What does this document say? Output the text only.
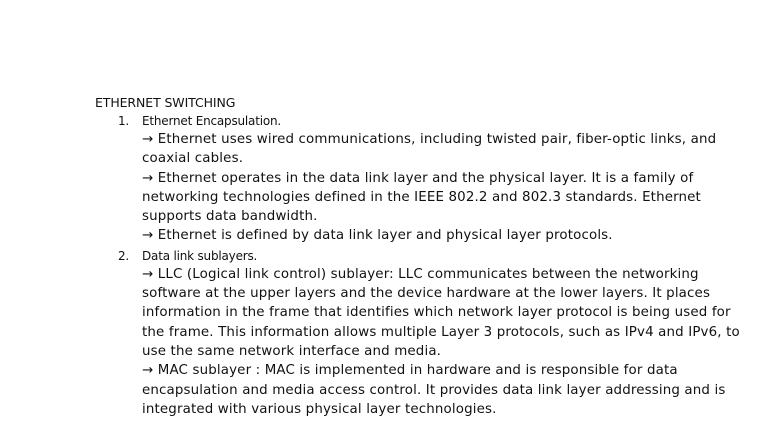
ETHERNET SWITCHING

1. Ethernet Encapsulation.

→ Ethernet uses wired communications, including twisted pair, fiber-optic links, and coaxial cables.

→ Ethernet operates in the data link layer and the physical layer. It is a family of networking technologies defined in the IEEE 802.2 and 802.3 standards. Ethernet supports data bandwidth.

→ Ethernet is defined by data link layer and physical layer protocols.

2. Data link sublayers.

→ LLC (Logical link control) sublayer: LLC communicates between the networking software at the upper layers and the device hardware at the lower layers. It places information in the frame that identifies which network layer protocol is being used for the frame. This information allows multiple Layer 3 protocols, such as IPv4 and IPv6, to use the same network interface and media.

→ MAC sublayer : MAC is implemented in hardware and is responsible for data encapsulation and media access control. It provides data link layer addressing and is integrated with various physical layer technologies.
